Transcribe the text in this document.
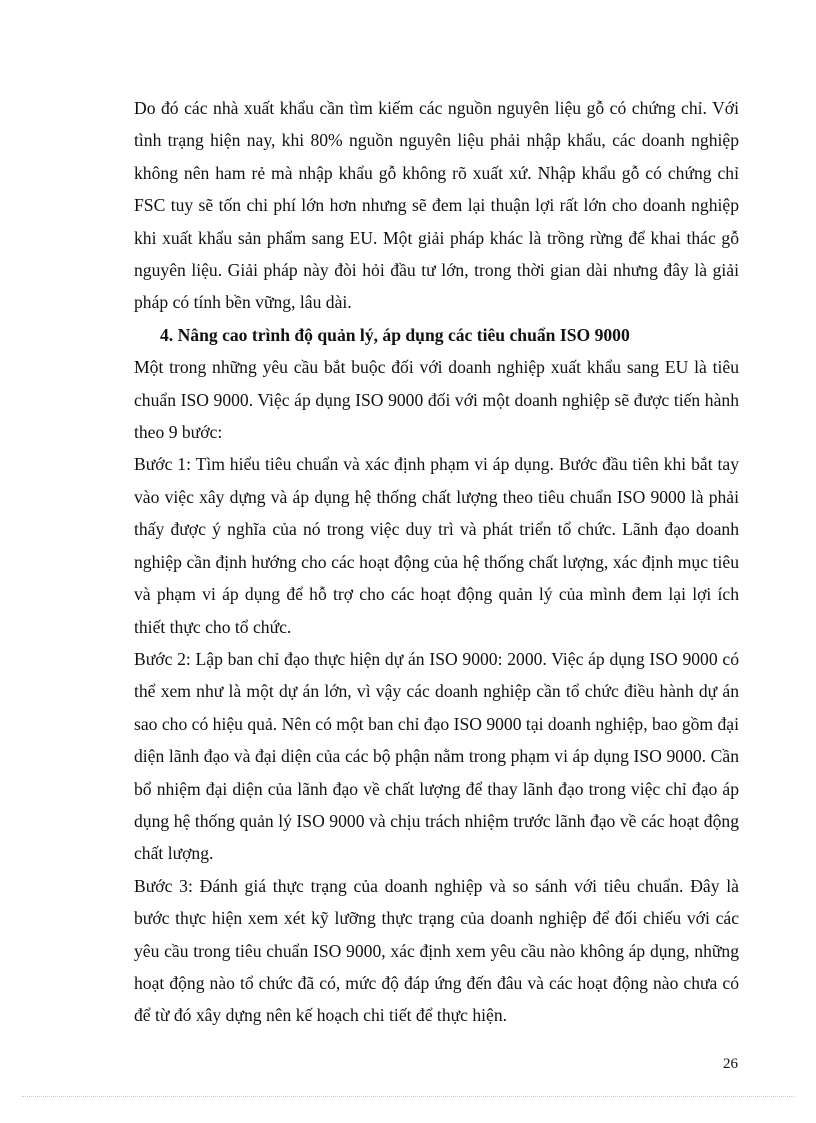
Do đó các nhà xuất khẩu cần tìm kiếm các nguồn nguyên liệu gỗ có chứng chỉ. Với tình trạng hiện nay, khi 80% nguồn nguyên liệu phải nhập khẩu, các doanh nghiệp không nên ham rẻ mà nhập khẩu gỗ không rõ xuất xứ. Nhập khẩu gỗ có chứng chỉ FSC tuy sẽ tốn chi phí lớn hơn nhưng sẽ đem lại thuận lợi rất lớn cho doanh nghiệp khi xuất khẩu sản phẩm sang EU. Một giải pháp khác là trồng rừng để khai thác gỗ nguyên liệu. Giải pháp này đòi hỏi đầu tư lớn, trong thời gian dài nhưng đây là giải pháp có tính bền vững, lâu dài.

4. Nâng cao trình độ quản lý, áp dụng các tiêu chuẩn ISO 9000

Một trong những yêu cầu bắt buộc đối với doanh nghiệp xuất khẩu sang EU là tiêu chuẩn ISO 9000. Việc áp dụng ISO 9000 đối với một doanh nghiệp sẽ được tiến hành theo 9 bước:

Bước 1: Tìm hiểu tiêu chuẩn và xác định phạm vi áp dụng. Bước đầu tiên khi bắt tay vào việc xây dựng và áp dụng hệ thống chất lượng theo tiêu chuẩn ISO 9000 là phải thấy được ý nghĩa của nó trong việc duy trì và phát triển tổ chức. Lãnh đạo doanh nghiệp cần định hướng cho các hoạt động của hệ thống chất lượng, xác định mục tiêu và phạm vi áp dụng để hỗ trợ cho các hoạt động quản lý của mình đem lại lợi ích thiết thực cho tổ chức.

Bước 2: Lập ban chỉ đạo thực hiện dự án ISO 9000: 2000. Việc áp dụng ISO 9000 có thể xem như là một dự án lớn, vì vậy các doanh nghiệp cần tổ chức điều hành dự án sao cho có hiệu quả. Nên có một ban chỉ đạo ISO 9000 tại doanh nghiệp, bao gồm đại diện lãnh đạo và đại diện của các bộ phận nằm trong phạm vi áp dụng ISO 9000. Cần bổ nhiệm đại diện của lãnh đạo về chất lượng để thay lãnh đạo trong việc chỉ đạo áp dụng hệ thống quản lý ISO 9000 và chịu trách nhiệm trước lãnh đạo về các hoạt động chất lượng.

Bước 3: Đánh giá thực trạng của doanh nghiệp và so sánh với tiêu chuẩn. Đây là bước thực hiện xem xét kỹ lưỡng thực trạng của doanh nghiệp để đối chiếu với các yêu cầu trong tiêu chuẩn ISO 9000, xác định xem yêu cầu nào không áp dụng, những hoạt động nào tổ chức đã có, mức độ đáp ứng đến đâu và các hoạt động nào chưa có để từ đó xây dựng nên kế hoạch chi tiết để thực hiện.

26
